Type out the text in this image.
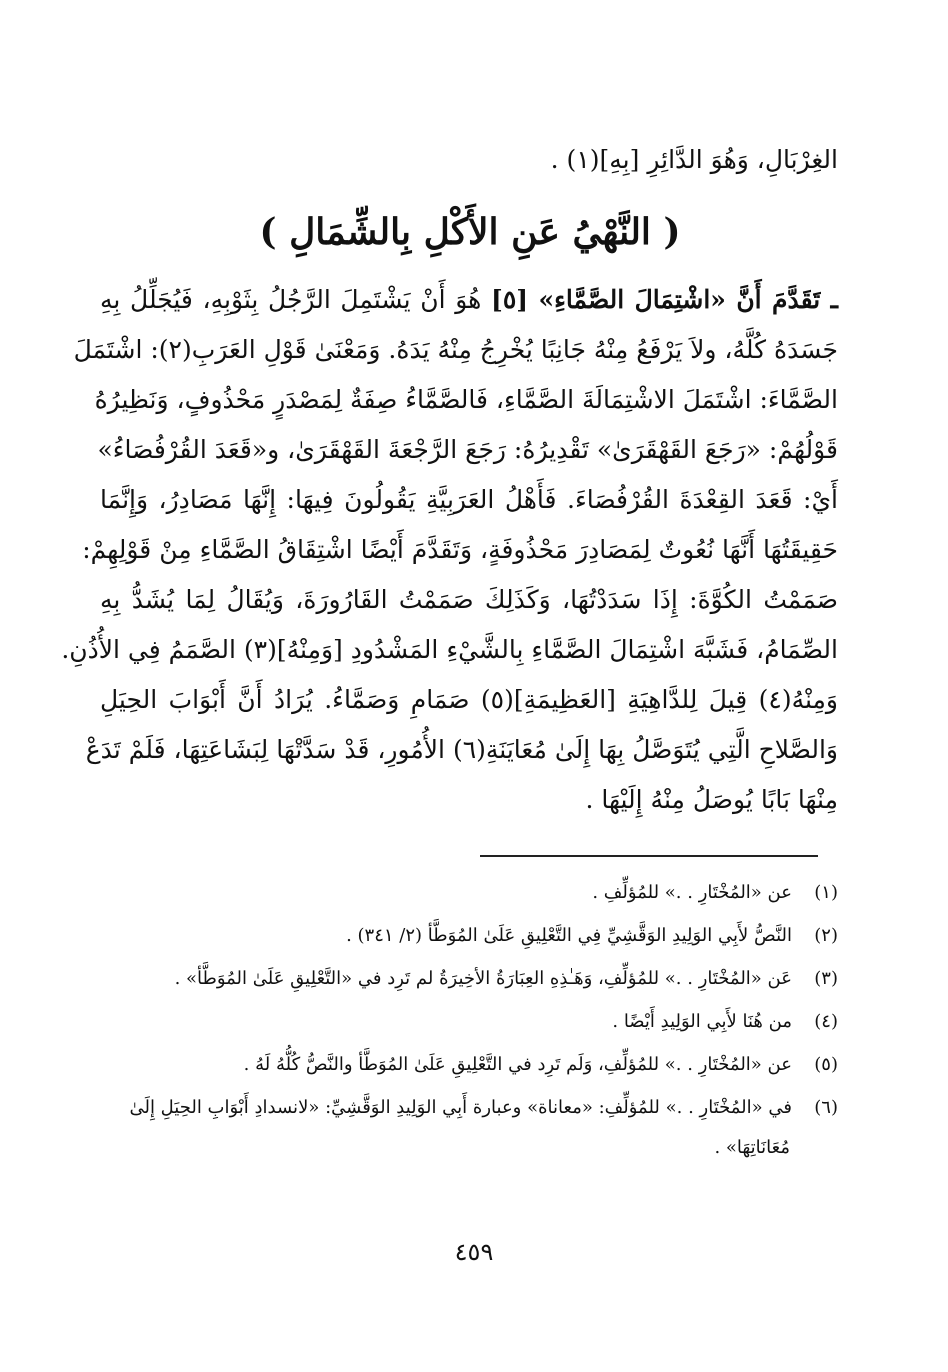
الغِرْبَالِ، وَهُوَ الدَّائِرِ [بِهِ](١) .
( النَّهْيُ عَنِ الأَكْلِ بِالشِّمَالِ )
ـ تَقَدَّمَ أَنَّ «اشْتِمَالَ الصَّمَّاءِ» [٥] هُوَ أَنْ يَشْتَمِلَ الرَّجُلُ بِثَوْبِهِ، فَيُجَلِّلُ بِهِ
جَسَدَهُ كُلَّهُ، ولاَ يَرْفَعُ مِنْهُ جَانِبًا يُخْرِجُ مِنْهُ يَدَهُ. وَمَعْنَىٰ قَوْلِ العَرَبِ(٢): اشْتَمَلَ
الصَّمَّاءَ: اشْتَمَلَ الاشْتِمَالَةَ الصَّمَّاءِ، فَالصَّمَّاءُ صِفَةٌ لِمَصْدَرٍ مَحْذُوفٍ، وَنَظِيرُهُ
قَوْلُهُمْ: «رَجَعَ القَهْقَرَىٰ» تَقْدِيرُهُ: رَجَعَ الرَّجْعَةَ القَهْقَرَىٰ، و«قَعَدَ القُرْفُصَاءُ»
أَيْ: قَعَدَ القِعْدَةَ القُرْفُصَاءَ. فَأَهْلُ العَرَبِيَّةِ يَقُولُونَ فِيهَا: إِنَّهَا مَصَادِرُ، وَإِنَّمَا
حَقِيقَتُهَا أَنَّهَا نُعُوتٌ لِمَصَادِرَ مَحْذُوفَةٍ، وَتَقَدَّمَ أَيْضًا اشْتِقَاقُ الصَّمَّاءِ مِنْ قَوْلِهِمْ:
صَمَمْتُ الكُوَّةَ: إِذَا سَدَدْتُهَا، وَكَذَلِكَ صَمَمْتُ القَارُورَةَ، وَيُقَالُ لِمَا يُشَدُّ بِهِ
الصِّمَامُ، فَشَبَّهَ اشْتِمَالَ الصَّمَّاءِ بِالشَّيْءِ المَشْدُودِ [وَمِنْهُ](٣) الصَّمَمُ فِي الأُذُنِ.
وَمِنْهُ(٤) قِيلَ لِلدَّاهِيَةِ [العَظِيمَةِ](٥) صَمَامِ وَصَمَّاءُ. يُرَادُ أَنَّ أَبْوَابَ الحِيَلِ
وَالصَّلاحِ الَّتِي يُتَوَصَّلُ بِهَا إِلَىٰ مُعَايَنَةِ(٦) الأُمُورِ، قَدْ سَدَّتْهَا لِبَشَاعَتِهَا، فَلَمْ تَدَعْ
مِنْهَا بَابًا يُوصَلُ مِنْهُ إِلَيْهَا .
(١)عن «المُخْتَارِ . .» للمُؤلِّفِ .
(٢)النَّصُّ لأَبِي الوَلِيدِ الوَقَّشِيِّ فِي التَّعْلِيقِ عَلَىٰ المُوَطَّأ (٢/ ٣٤١) .
(٣)عَن «المُخْتَارِ . .» للمُؤلِّفِ، وَهَـٰذِهِ العِبَارَةُ الأخِيرَةُ لم تَرِد في «التَّعْلِيقِ عَلَىٰ المُوَطَّأ» .
(٤)من هُنَا لأَبِي الوَلِيدِ أَيْضًا .
(٥)عن «المُخْتَارِ . .» للمُؤلِّفِ، وَلَم تَرِد في التَّعْلِيقِ عَلَىٰ المُوَطَّأ والنَّصُّ كُلُّهُ لَهُ .
(٦)في «المُخْتَارِ . .» للمُؤلِّفِ: «معاناة» وعبارة أَبِي الوَلِيدِ الوَقَّشِيِّ: «لانسدادِ أَبْوَابِ الحِيَلِ إِلَىٰ
مُعَانَاتِهَا» .
٤٥٩
